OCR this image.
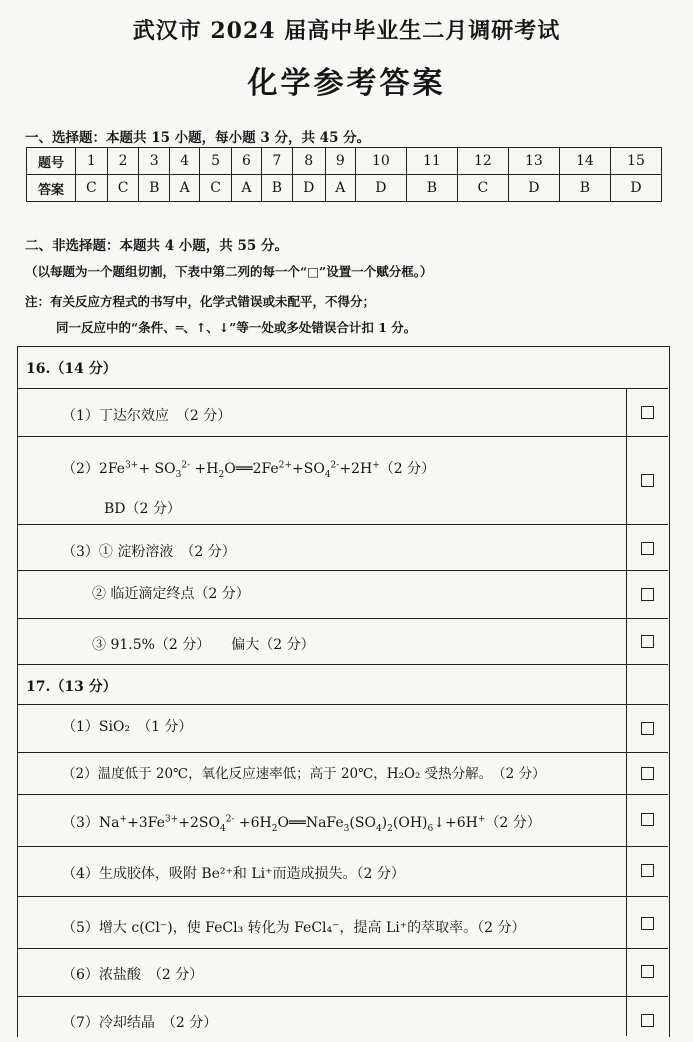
武汉市 2024 届高中毕业生二月调研考试
化学参考答案
一、选择题：本题共 15 小题，每小题 3 分，共 45 分。
题号	1	2	3	4	5	6	7	8	9	10	11	12	13	14	15
答案	C	C	B	A	C	A	B	D	A	D	B	C	D	B	D
二、非选择题：本题共 4 小题，共 55 分。
（以每题为一个题组切割，下表中第二列的每一个“□”设置一个赋分框。）
注：有关反应方程式的书写中，化学式错误或未配平，不得分；
同一反应中的“条件、═、↑、↓”等一处或多处错误合计扣 1 分。
16.（14 分）
（1）丁达尔效应　（2 分）
$(2)2Fe^{3+}+ SO_3^{2-}$ $+H_2O══2Fe^{2+}+SO_4^{2-}+2H^+(2$ 分）
BD（2 分）
（3）① 淀粉溶液　（2 分）
② 临近滴定终点（2 分）
③ 91.5%（2 分）　　偏大（2 分）
17.（13 分）
（1）SiO₂　（1 分）
（2）温度低于 20℃，氧化反应速率低；高于 20℃，H₂O₂ 受热分解。　（2 分）
$(3)Na^++3Fe^{3+}+2SO_4^{2-}$ $+6H_2O══NaFe_3(SO_4)_2(OH)_6↓+6H^+(2$ 分）
（4）生成胶体，吸附 Be²⁺和 Li⁺而造成损失。（2 分）
（5）增大 c(Cl⁻)，使 FeCl₃ 转化为 FeCl₄⁻，提高 Li⁺的萃取率。（2 分）
（6）浓盐酸　（2 分）
（7）冷却结晶　（2 分）
